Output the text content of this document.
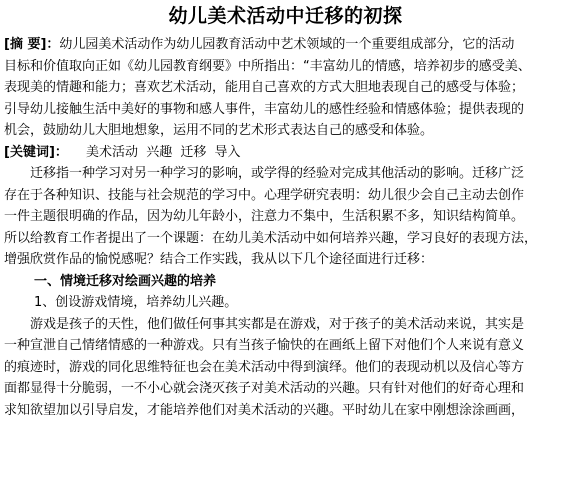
幼儿美术活动中迁移的初探

[摘 要]：幼儿园美术活动作为幼儿园教育活动中艺术领域的一个重要组成部分，它的活动
目标和价值取向正如《幼儿园教育纲要》中所指出：“丰富幼儿的情感，培养初步的感受美、
表现美的情趣和能力；喜欢艺术活动，能用自己喜欢的方式大胆地表现自己的感受与体验；
引导幼儿接触生活中美好的事物和感人事件，丰富幼儿的感性经验和情感体验；提供表现的
机会，鼓励幼儿大胆地想象，运用不同的艺术形式表达自己的感受和体验。

[关键词]： 美术活动 兴趣 迁移 导入

迁移指一种学习对另一种学习的影响，或学得的经验对完成其他活动的影响。迁移广泛
存在于各种知识、技能与社会规范的学习中。心理学研究表明：幼儿很少会自己主动去创作
一件主题很明确的作品，因为幼儿年龄小，注意力不集中，生活积累不多，知识结构简单。
所以给教育工作者提出了一个课题：在幼儿美术活动中如何培养兴趣，学习良好的表现方法，
增强欣赏作品的愉悦感呢？结合工作实践，我从以下几个途径面进行迁移：

一、情境迁移对绘画兴趣的培养

1、创设游戏情境，培养幼儿兴趣。

游戏是孩子的天性，他们做任何事其实都是在游戏，对于孩子的美术活动来说，其实是
一种宣泄自己情绪情感的一种游戏。只有当孩子愉快的在画纸上留下对他们个人来说有意义
的痕迹时，游戏的同化思维特征也会在美术活动中得到演绎。他们的表现动机以及信心等方
面都显得十分脆弱，一不小心就会浇灭孩子对美术活动的兴趣。只有针对他们的好奇心理和
求知欲望加以引导启发，才能培养他们对美术活动的兴趣。平时幼儿在家中刚想涂涂画画，
